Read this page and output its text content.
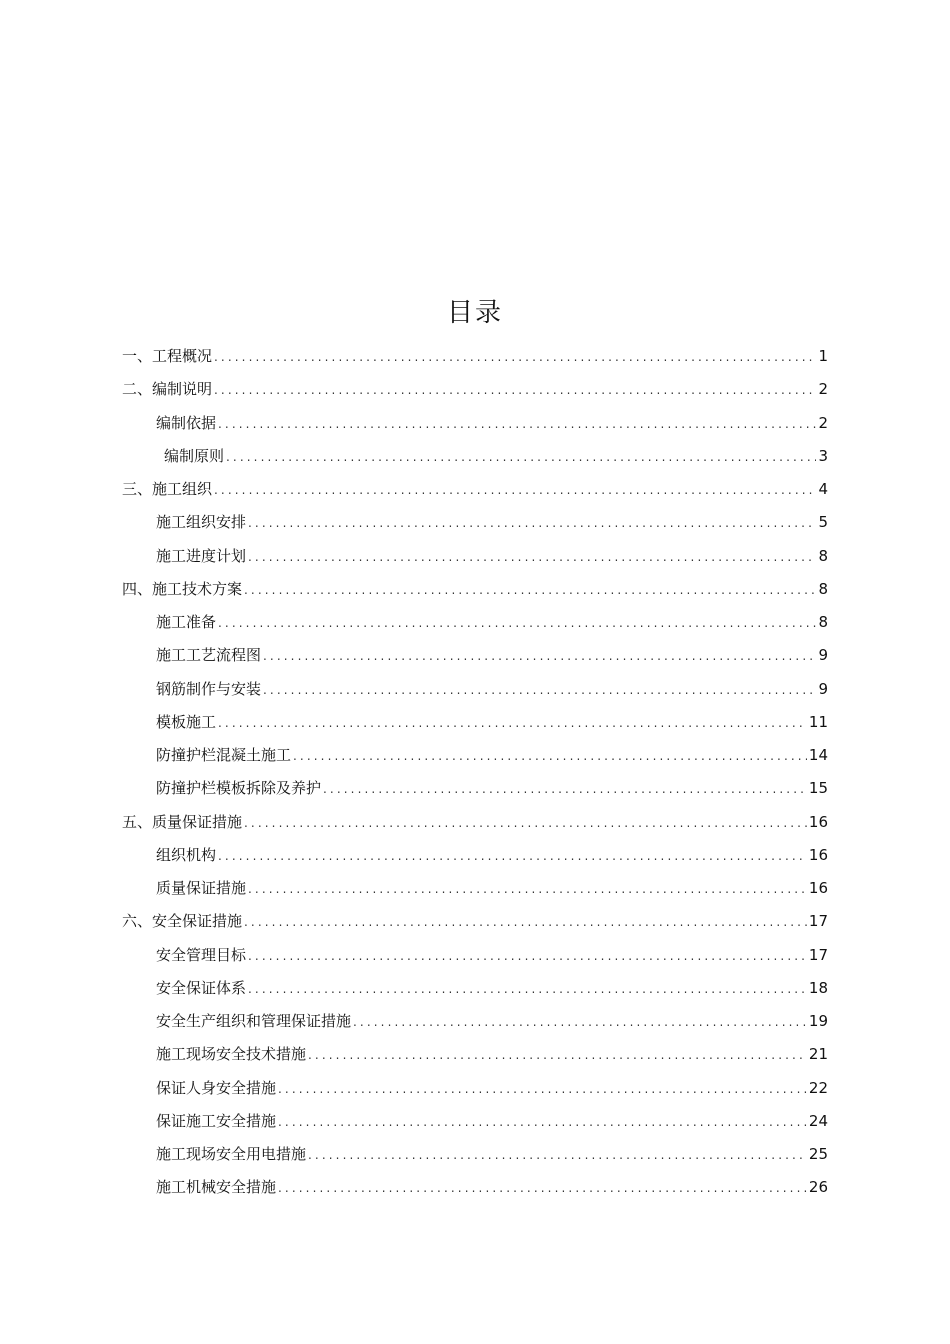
目录
一、工程概况 .....	1
二、编制说明 .....	2
编制依据 .....	2
编制原则 .....	3
三、施工组织 .....	4
施工组织安排 .....	5
施工进度计划 .....	8
四、施工技术方案 .....	8
施工准备 .....	8
施工工艺流程图 .....	9
钢筋制作与安装 .....	9
模板施工 .....	11
防撞护栏混凝土施工 .....	14
防撞护栏模板拆除及养护 .....	15
五、质量保证措施 .....	16
组织机构 .....	16
质量保证措施 .....	16
六、安全保证措施 .....	17
安全管理目标 .....	17
安全保证体系 .....	18
安全生产组织和管理保证措施 .....	19
施工现场安全技术措施 .....	21
保证人身安全措施 .....	22
保证施工安全措施 .....	24
施工现场安全用电措施 .....	25
施工机械安全措施 .....	26
